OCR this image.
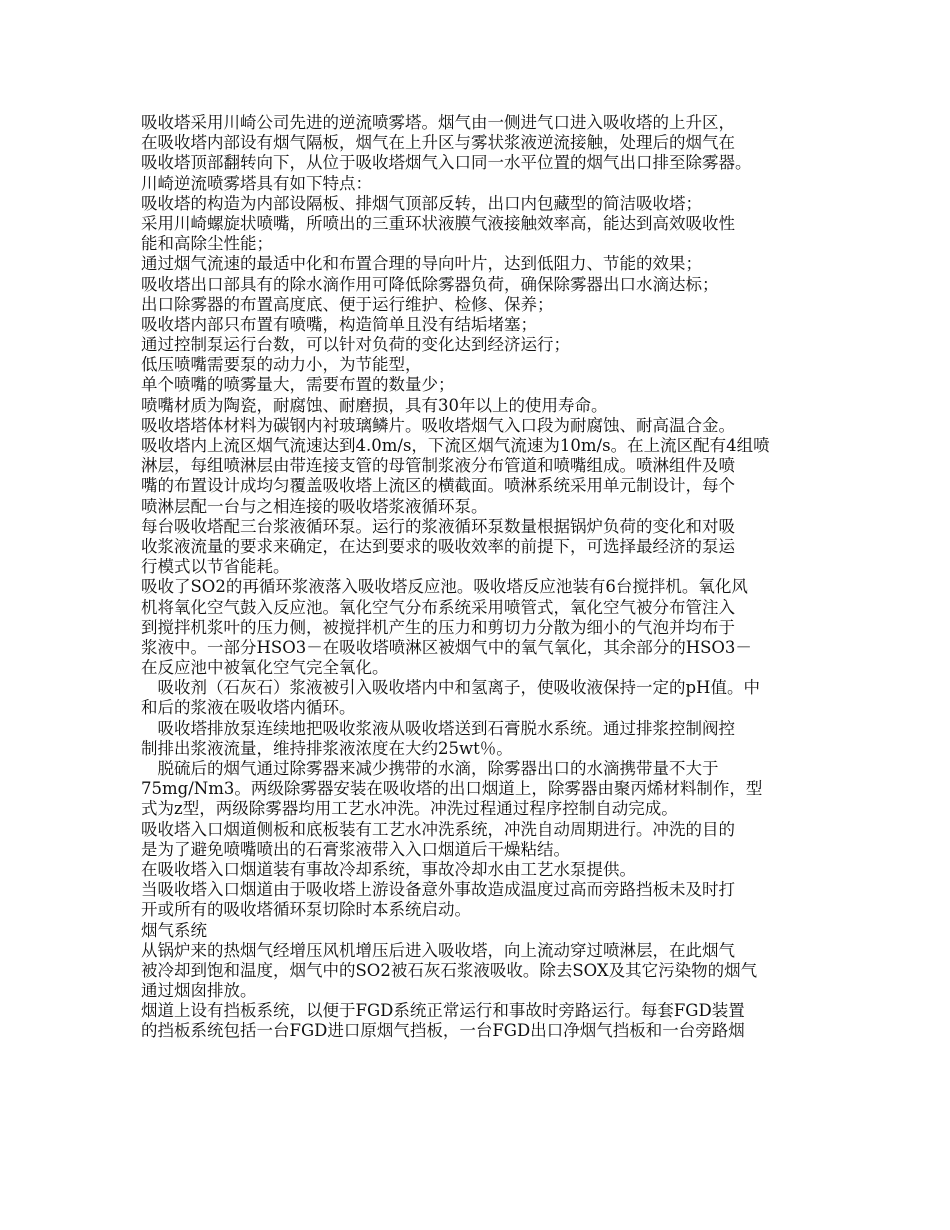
吸收塔采用川崎公司先进的逆流喷雾塔。烟气由一侧进气口进入吸收塔的上升区，
在吸收塔内部设有烟气隔板，烟气在上升区与雾状浆液逆流接触，处理后的烟气在
吸收塔顶部翻转向下，从位于吸收塔烟气入口同一水平位置的烟气出口排至除雾器。
川崎逆流喷雾塔具有如下特点：
吸收塔的构造为内部设隔板、排烟气顶部反转，出口内包藏型的简洁吸收塔；
采用川崎螺旋状喷嘴，所喷出的三重环状液膜气液接触效率高，能达到高效吸收性
能和高除尘性能；
通过烟气流速的最适中化和布置合理的导向叶片，达到低阻力、节能的效果；
吸收塔出口部具有的除水滴作用可降低除雾器负荷，确保除雾器出口水滴达标；
出口除雾器的布置高度底、便于运行维护、检修、保养；
吸收塔内部只布置有喷嘴，构造简单且没有结垢堵塞；
通过控制泵运行台数，可以针对负荷的变化达到经济运行；
低压喷嘴需要泵的动力小，为节能型，
单个喷嘴的喷雾量大，需要布置的数量少；
喷嘴材质为陶瓷，耐腐蚀、耐磨损，具有30年以上的使用寿命。
吸收塔塔体材料为碳钢内衬玻璃鳞片。吸收塔烟气入口段为耐腐蚀、耐高温合金。
吸收塔内上流区烟气流速达到4.0m/s，下流区烟气流速为10m/s。在上流区配有4组喷
淋层，每组喷淋层由带连接支管的母管制浆液分布管道和喷嘴组成。喷淋组件及喷
嘴的布置设计成均匀覆盖吸收塔上流区的横截面。喷淋系统采用单元制设计，每个
喷淋层配一台与之相连接的吸收塔浆液循环泵。
每台吸收塔配三台浆液循环泵。运行的浆液循环泵数量根据锅炉负荷的变化和对吸
收浆液流量的要求来确定，在达到要求的吸收效率的前提下，可选择最经济的泵运
行模式以节省能耗。
吸收了SO2的再循环浆液落入吸收塔反应池。吸收塔反应池装有6台搅拌机。氧化风
机将氧化空气鼓入反应池。氧化空气分布系统采用喷管式，氧化空气被分布管注入
到搅拌机浆叶的压力侧，被搅拌机产生的压力和剪切力分散为细小的气泡并均布于
浆液中。一部分HSO3－在吸收塔喷淋区被烟气中的氧气氧化，其余部分的HSO3－
在反应池中被氧化空气完全氧化。
　吸收剂（石灰石）浆液被引入吸收塔内中和氢离子，使吸收液保持一定的pH值。中
和后的浆液在吸收塔内循环。
　吸收塔排放泵连续地把吸收浆液从吸收塔送到石膏脱水系统。通过排浆控制阀控
制排出浆液流量，维持排浆液浓度在大约25wt％。
　脱硫后的烟气通过除雾器来减少携带的水滴，除雾器出口的水滴携带量不大于
75mg/Nm3。两级除雾器安装在吸收塔的出口烟道上，除雾器由聚丙烯材料制作，型
式为z型，两级除雾器均用工艺水冲洗。冲洗过程通过程序控制自动完成。
吸收塔入口烟道侧板和底板装有工艺水冲洗系统，冲洗自动周期进行。冲洗的目的
是为了避免喷嘴喷出的石膏浆液带入入口烟道后干燥粘结。
在吸收塔入口烟道装有事故冷却系统，事故冷却水由工艺水泵提供。
当吸收塔入口烟道由于吸收塔上游设备意外事故造成温度过高而旁路挡板未及时打
开或所有的吸收塔循环泵切除时本系统启动。
烟气系统
从锅炉来的热烟气经增压风机增压后进入吸收塔，向上流动穿过喷淋层，在此烟气
被冷却到饱和温度，烟气中的SO2被石灰石浆液吸收。除去SOX及其它污染物的烟气
通过烟囱排放。
烟道上设有挡板系统，以便于FGD系统正常运行和事故时旁路运行。每套FGD装置
的挡板系统包括一台FGD进口原烟气挡板，一台FGD出口净烟气挡板和一台旁路烟
